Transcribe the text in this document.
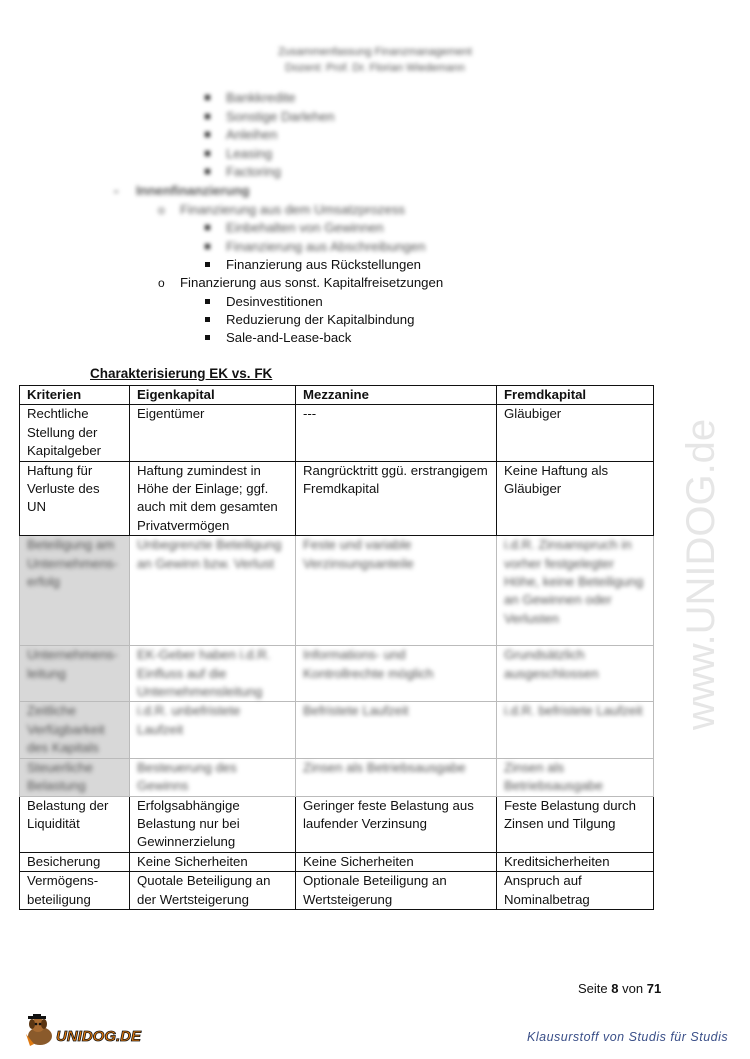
Zusammenfassung Finanzmanagement
Dozent: Prof. Dr. Florian Wiedemann
Bankkredite
Sonstige Darlehen
Anleihen
Leasing
Factoring
- Innenfinanzierung
o Finanzierung aus dem Umsatzprozess
Einbehalten von Gewinnen
Finanzierung aus Abschreibungen
Finanzierung aus Rückstellungen
o Finanzierung aus sonst. Kapitalfreisetzungen
Desinvestitionen
Reduzierung der Kapitalbindung
Sale-and-Lease-back
www.UNIDOG.de
Charakterisierung EK vs. FK
Kriterien	Eigenkapital	Mezzanine	Fremdkapital
Rechtliche Stellung der Kapitalgeber	Eigentümer	---	Gläubiger
Haftung für Verluste des UN	Haftung zumindest in Höhe der Einlage; ggf. auch mit dem gesamten Privatvermögen	Rangrücktritt ggü. erstrangigem Fremdkapital	Keine Haftung als Gläubiger

Beteiligung am Unternehmens-erfolg	Unbegrenzte Beteiligung an Gewinn bzw. Verlust	Feste und variable Verzinsungsanteile	i.d.R. Zinsanspruch in vorher festgelegter Höhe, keine Beteiligung an Gewinnen oder Verlusten

Unternehmens-leitung	EK-Geber haben i.d.R. Einfluss auf die Unternehmensleitung	Informations- und Kontrollrechte möglich	Grundsätzlich ausgeschlossen

Zeitliche Verfügbarkeit des Kapitals	i.d.R. unbefristete Laufzeit	Befristete Laufzeit	i.d.R. befristete Laufzeit

Steuerliche Belastung	Besteuerung des Gewinns	Zinsen als Betriebsausgabe	Zinsen als Betriebsausgabe

Belastung der Liquidität	Erfolgsabhängige Belastung nur bei Gewinnerzielung	Geringer feste Belastung aus laufender Verzinsung	Feste Belastung durch Zinsen und Tilgung
Besicherung	Keine Sicherheiten	Keine Sicherheiten	Kreditsicherheiten
Vermögens-beteiligung	Quotale Beteiligung an der Wertsteigerung	Optionale Beteiligung an Wertsteigerung	Anspruch auf Nominalbetrag
Seite 8 von 71
UNIDOG.DE	Klausurstoff von Studis für Studis
